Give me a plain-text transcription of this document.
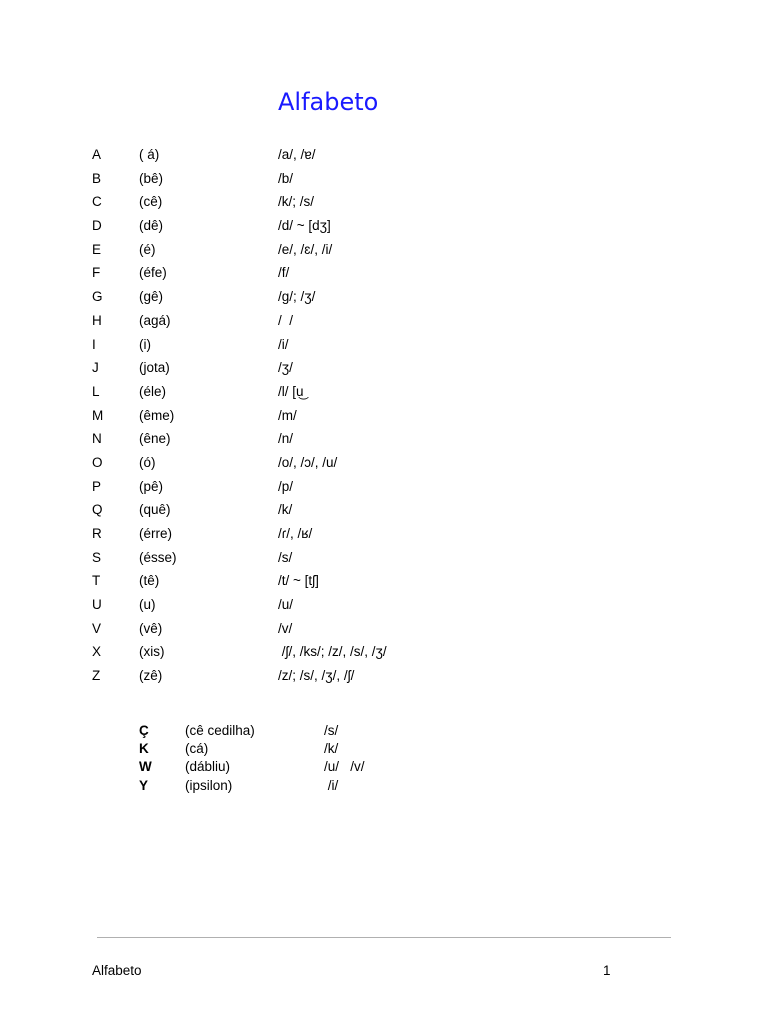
Alfabeto
A	( á)	/a/, /ɐ/
B	(bê)	/b/
C	(cê)	/k/; /s/
D	(dê)	/d/ ~ [dʒ]
E	(é)	/e/, /ɛ/, /i/
F	(éfe)	/f/
G	(gê)	/ɡ/; /ʒ/
H	(agá)	/  /
I	(i)	/i/
J	(jota)	/ʒ/
L	(éle)	/l/ [u͜
M	(ême)	/m/
N	(êne)	/n/
O	(ó)	/o/, /ɔ/, /u/
P	(pê)	/p/
Q	(quê)	/k/
R	(érre)	/ɾ/, /ʁ/
S	(ésse)	/s/
T	(tê)	/t/ ~ [tʃ]
U	(u)	/u/
V	(vê)	/v/
X	(xis)	/ʃ/, /ks/; /z/, /s/, /ʒ/
Z	(zê)	/z/; /s/, /ʒ/, /ʃ/
Ç	(cê cedilha)	/s/
K	(cá)	/k/
W (dábliu)	/u/   /v/
Y	(ipsilon)	/i/
Alfabeto	1
